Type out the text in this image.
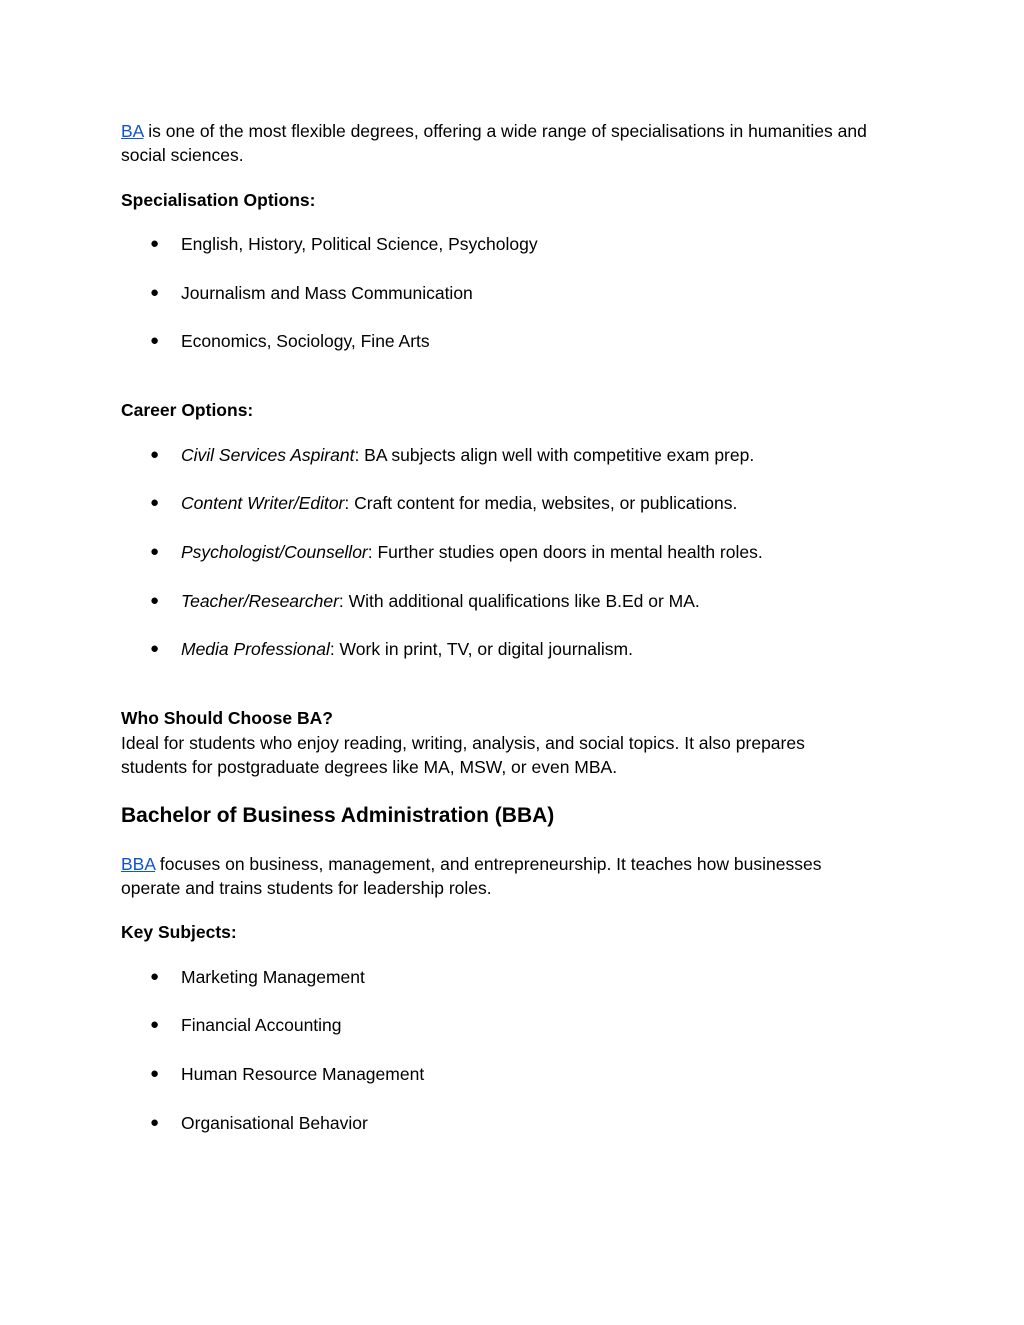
BA is one of the most flexible degrees, offering a wide range of specialisations in humanities and social sciences.

Specialisation Options:

● English, History, Political Science, Psychology
● Journalism and Mass Communication
● Economics, Sociology, Fine Arts

Career Options:

● Civil Services Aspirant: BA subjects align well with competitive exam prep.
● Content Writer/Editor: Craft content for media, websites, or publications.
● Psychologist/Counsellor: Further studies open doors in mental health roles.
● Teacher/Researcher: With additional qualifications like B.Ed or MA.
● Media Professional: Work in print, TV, or digital journalism.

Who Should Choose BA?

Ideal for students who enjoy reading, writing, analysis, and social topics. It also prepares students for postgraduate degrees like MA, MSW, or even MBA.

Bachelor of Business Administration (BBA)

BBA focuses on business, management, and entrepreneurship. It teaches how businesses operate and trains students for leadership roles.

Key Subjects:

● Marketing Management
● Financial Accounting
● Human Resource Management
● Organisational Behavior
